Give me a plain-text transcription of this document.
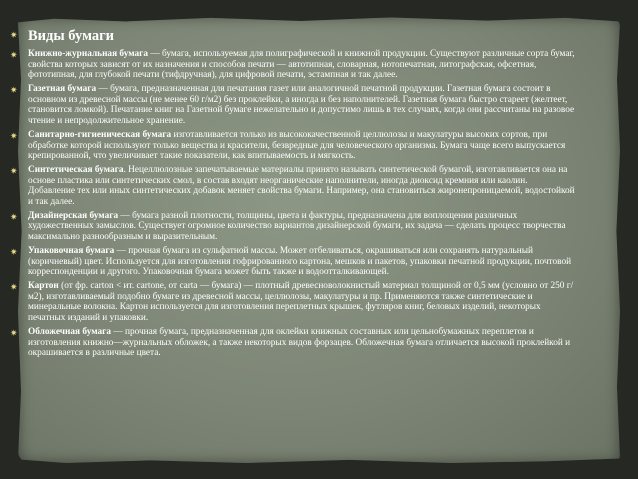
✷ Виды бумаги
✷ Книжно-журнальная бумага — бумага, используемая для полиграфической и книжной продукции. Существуют различные сорта бумаг, свойства которых зависят от их назначения и способов печати — автотипная, словарная, нотопечатная, литографская, офсетная, фототипная, для глубокой печати (тифдручная), для цифровой печати, эстампная и так далее.
✷ Газетная бумага — бумага, предназначенная для печатания газет или аналогичной печатной продукции. Газетная бумага состоит в основном из древесной массы (не менее 60 г/м2) без проклейки, а иногда и без наполнителей. Газетная бумага быстро стареет (желтеет, становится ломкой). Печатание книг на Газетной бумаге нежелательно и допустимо лишь в тех случаях, когда они рассчитаны на разовое чтение и непродолжительное хранение.
✷ Санитарно-гигиеническая бумага изготавливается только из высококачественной целлюлозы и макулатуры высоких сортов, при обработке которой используют только вещества и красители, безвредные для человеческого организма. Бумага чаще всего выпускается крепированной, что увеличивает такие показатели, как впитываемость и мягкость.
✷ Синтетическая бумага. Нецеллюлозные запечатываемые материалы принято называть синтетической бумагой, изготавливается она на основе пластика или синтетических смол, в состав входят неорганические наполнители, иногда диоксид кремния или каолин. Добавление тех или иных синтетических добавок меняет свойства бумаги. Например, она становиться жиронепроницаемой, водостойкой и так далее.
✷ Дизайнерская бумага — бумага разной плотности, толщины, цвета и фактуры, предназначена для воплощения различных художественных замыслов. Существует огромное количество вариантов дизайнерской бумаги, их задача — сделать процесс творчества максимально разнообразным и выразительным.
✷ Упаковочная бумага — прочная бумага из сульфатной массы. Может отбеливаться, окрашиваться или сохранять натуральный (коричневый) цвет. Используется для изготовления гофрированного картона, мешков и пакетов, упаковки печатной продукции, почтовой корреспонденции и другого. Упаковочная бумага может быть также и водоотталкивающей.
✷ Картон (от фр. carton < ит. cartone, от carta — бумага) — плотный древесноволокнистый материал толщиной от 0,5 мм (условно от 250 г/м2), изготавливаемый подобно бумаге из древесной массы, целлюлозы, макулатуры и пр. Применяются также синтетические и минеральные волокна. Картон используется для изготовления переплетных крышек, футляров книг, беловых изделий, некоторых печатных изданий и упаковки.
✷ Обложечная бумага — прочная бумага, предназначенная для оклейки книжных составных или цельнобумажных переплетов и изготовления книжно—журнальных обложек, а также некоторых видов форзацев. Обложечная бумага отличается высокой проклейкой и окрашивается в различные цвета.
